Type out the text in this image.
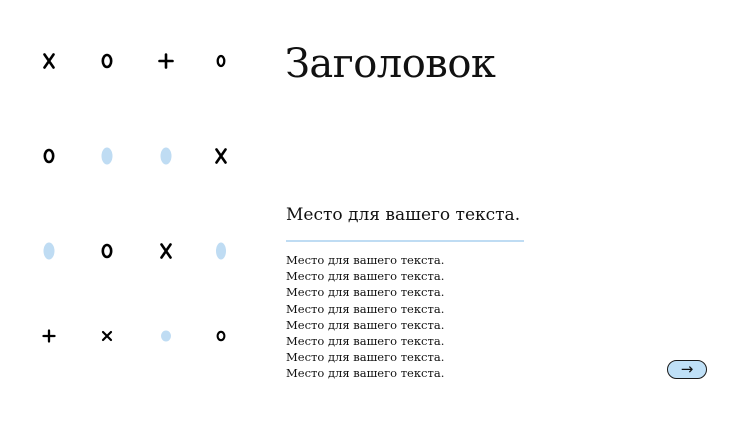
Заголовок
Место для вашего текста.
Место для вашего текста.
Место для вашего текста.
Место для вашего текста.
Место для вашего текста.
Место для вашего текста.
Место для вашего текста.
Место для вашего текста.
Место для вашего текста.	→
